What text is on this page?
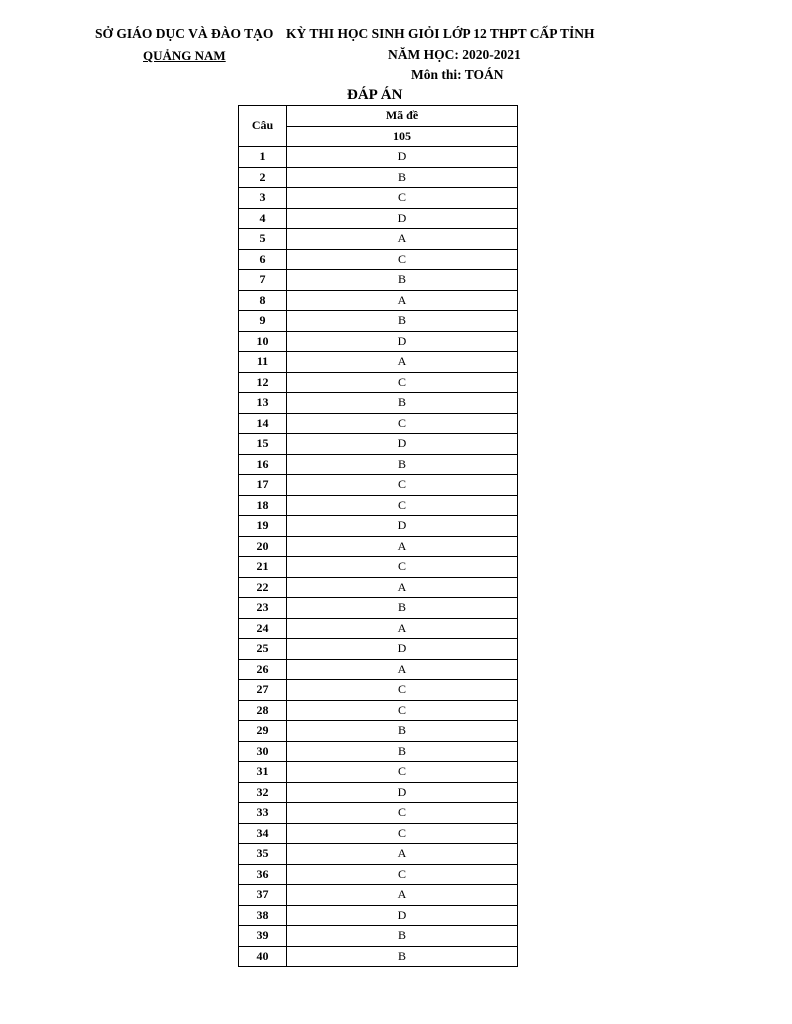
SỞ GIÁO DỤC VÀ ĐÀO TẠO KỲ THI HỌC SINH GIỎI LỚP 12 THPT CẤP TỈNH
QUẢNG NAM	NĂM HỌC: 2020-2021
Môn thi: TOÁN
ĐÁP ÁN
Câu	Mã đề
	105
1	D
2	B
3	C
4	D
5	A
6	C
7	B
8	A
9	B
10	D
11	A
12	C
13	B
14	C
15	D
16	B
17	C
18	C
19	D
20	A
21	C
22	A
23	B
24	A
25	D
26	A
27	C
28	C
29	B
30	B
31	C
32	D
33	C
34	C
35	A
36	C
37	A
38	D
39	B
40	B
